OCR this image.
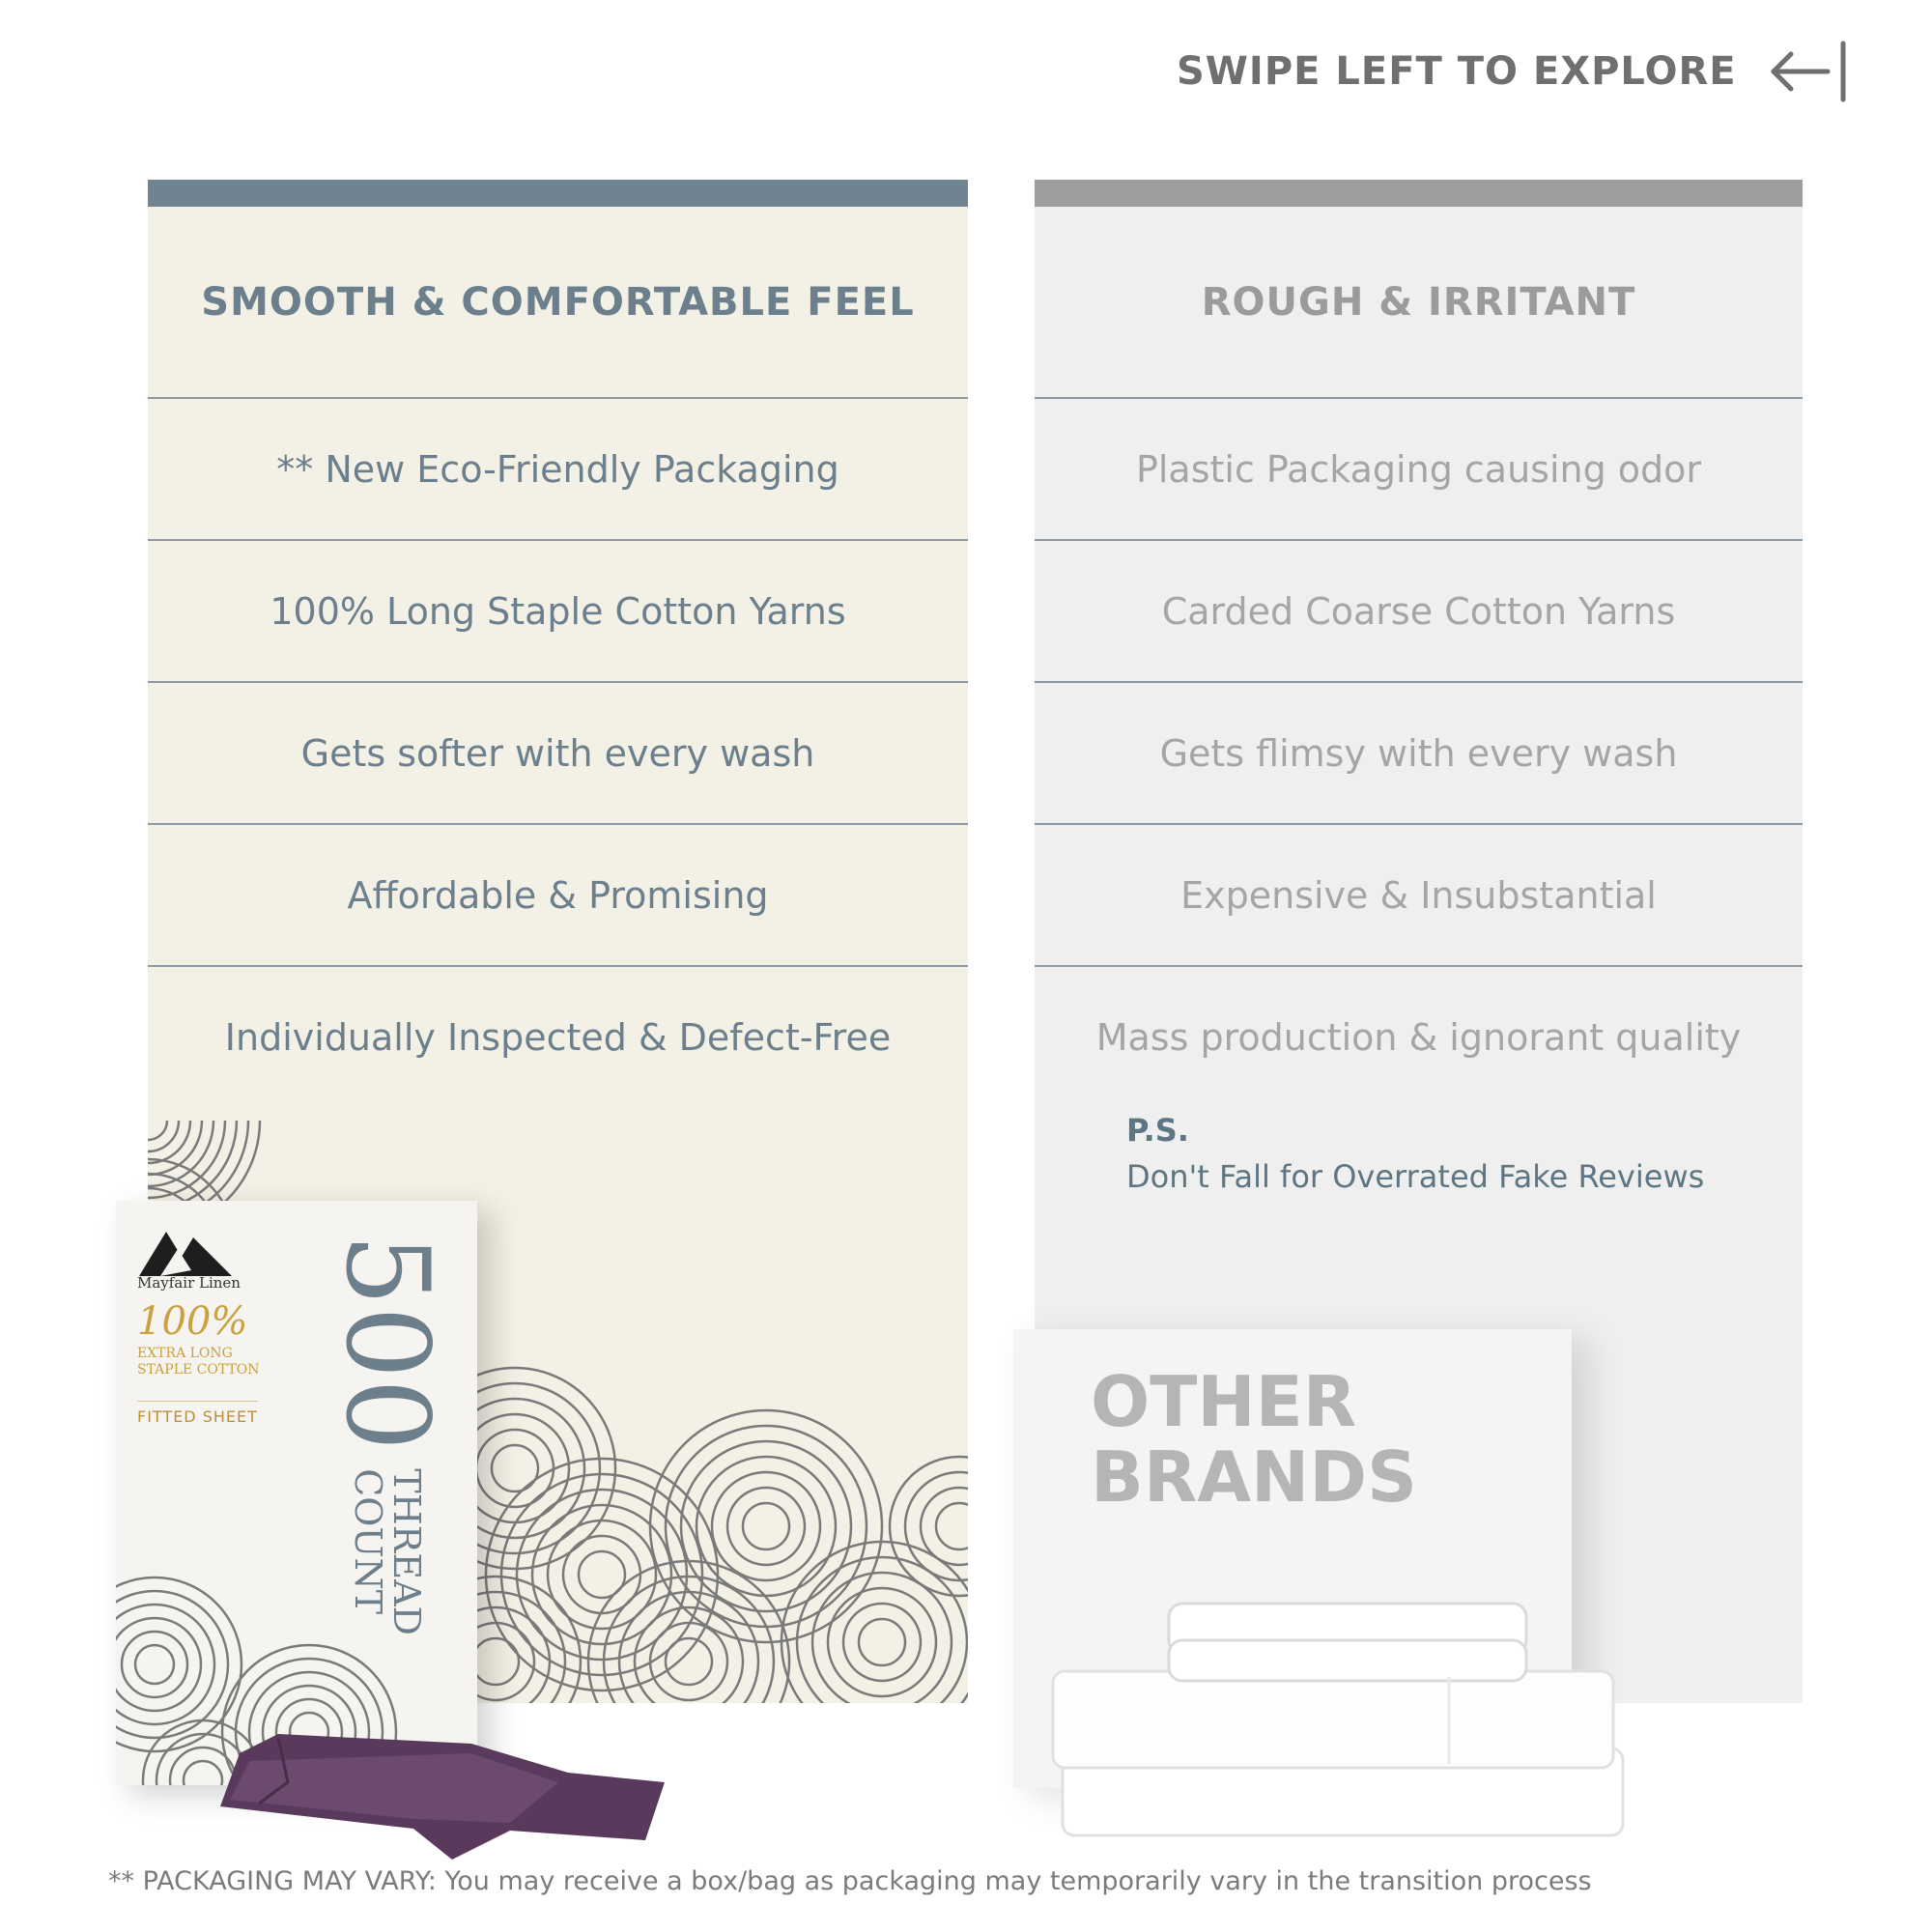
SWIPE LEFT TO EXPLORE
SMOOTH & COMFORTABLE FEEL
** New Eco-Friendly Packaging
100% Long Staple Cotton Yarns
Gets softer with every wash
Affordable & Promising
Individually Inspected & Defect-Free
ROUGH & IRRITANT
Plastic Packaging causing odor
Carded Coarse Cotton Yarns
Gets flimsy with every wash
Expensive & Insubstantial
Mass production & ignorant quality
P.S.
Don't Fall for Overrated Fake Reviews
Mayfair Linen
100%
EXTRA LONG STAPLE COTTON
FITTED SHEET 500
THREAD
COUNT
OTHER
BRANDS
** PACKAGING MAY VARY: You may receive a box/bag as packaging may temporarily vary in the transition process
